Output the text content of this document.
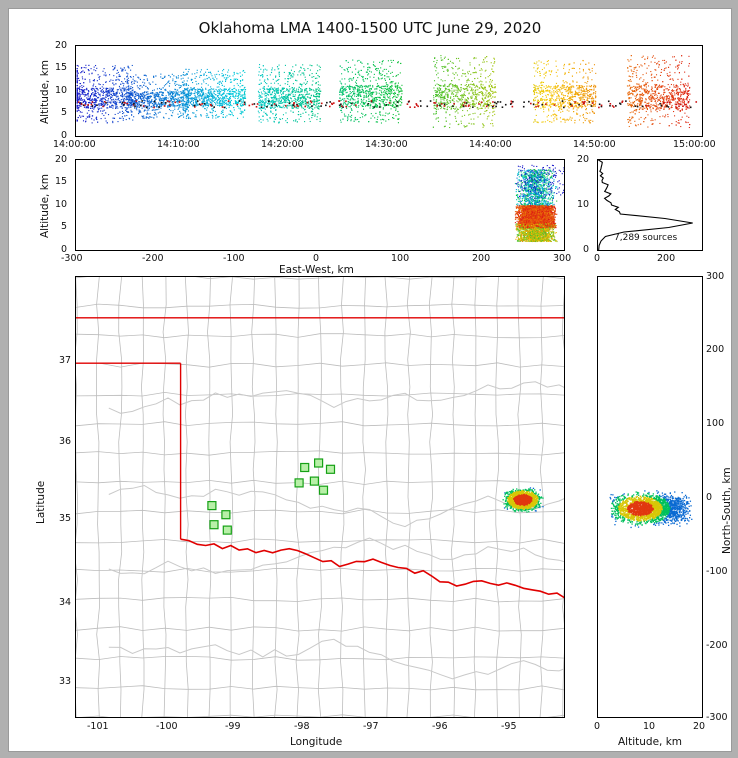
Oklahoma LMA 1400-1500 UTC June 29, 2020
Altitude, km
20
15
10
5
0
14:00:00	14:10:00	14:20:00	14:30:00	14:40:00	14:50:00	15:00:00
Altitude, km
20
15
10
5
0
-300	-200	-100	0	100	200	300
East-West, km
20
10
0
0	200
7,289 sources
Latitude
37
36
35
34
33
-101	-100	-99	-98	-97	-96	-95
Longitude
North-South, km
300
200
100
0
-100
-200
-300
0	10	20
Altitude, km
